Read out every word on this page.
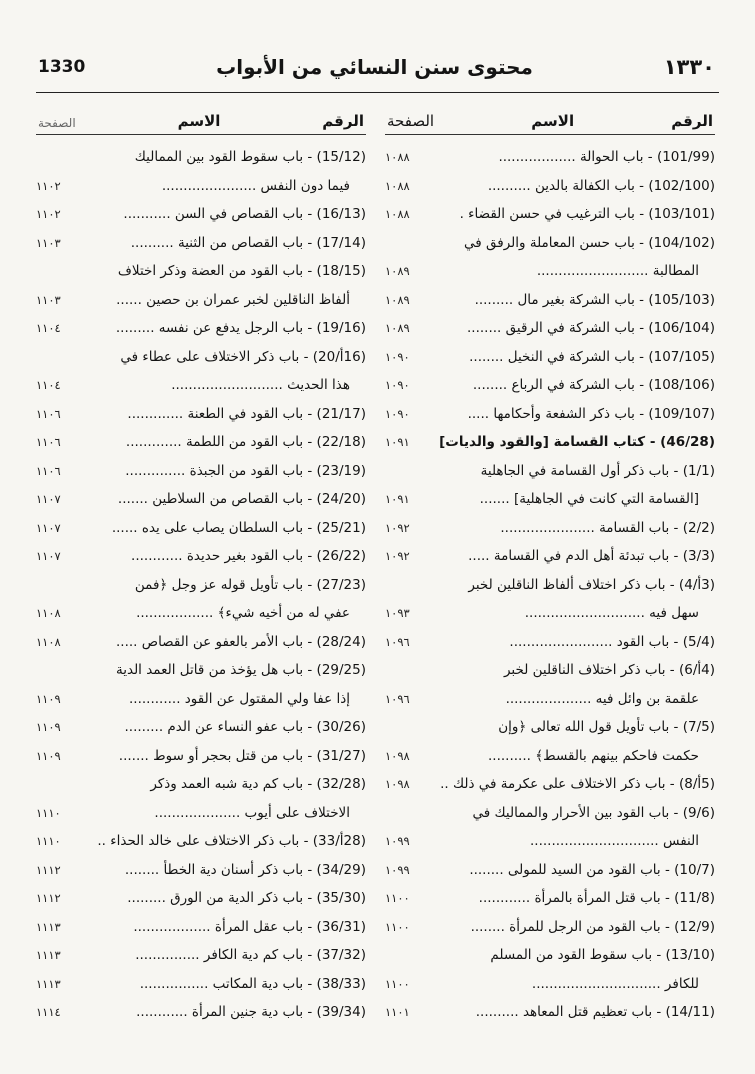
١٣٣٠
محتوى سنن النسائي من الأبواب
1330
الرقم
الاسم
الصفحة
(101/99) - باب الحوالة ..................
١٠٨٨
(102/100) - باب الكفالة بالدين ..........
١٠٨٨
(103/101) - باب الترغيب في حسن القضاء .
١٠٨٨
(104/102) - باب حسن المعاملة والرفق في
المطالبة ..........................
١٠٨٩
(105/103) - باب الشركة بغير مال .........
١٠٨٩
(106/104) - باب الشركة في الرقيق ........
١٠٨٩
(107/105) - باب الشركة في النخيل ........
١٠٩٠
(108/106) - باب الشركة في الرباع ........
١٠٩٠
(109/107) - باب ذكر الشفعة وأحكامها .....
١٠٩٠
(46/28) - كتاب القسامة [والقود والديات]
١٠٩١
(1/1) - باب ذكر أول القسامة في الجاهلية
[القسامة التي كانت في الجاهلية] .......
١٠٩١
(2/2) - باب القسامة ......................
١٠٩٢
(3/3) - باب تبدئة أهل الدم في القسامة .....
١٠٩٢
(3أ/4) - باب ذكر اختلاف ألفاظ الناقلين لخبر
سهل فيه ............................
١٠٩٣
(5/4) - باب القود ........................
١٠٩٦
(4أ/6) - باب ذكر اختلاف الناقلين لخبر
علقمة بن وائل فيه ....................
١٠٩٦
(7/5) - باب تأويل قول الله تعالى ﴿وإن
حكمت فاحكم بينهم بالقسط﴾ ..........
١٠٩٨
(5أ/8) - باب ذكر الاختلاف على عكرمة في ذلك ..
١٠٩٨
(9/6) - باب القود بين الأحرار والمماليك في
النفس ..............................
١٠٩٩
(10/7) - باب القود من السيد للمولى ........
١٠٩٩
(11/8) - باب قتل المرأة بالمرأة ............
١١٠٠
(12/9) - باب القود من الرجل للمرأة ........
١١٠٠
(13/10) - باب سقوط القود من المسلم
للكافر ..............................
١١٠٠
(14/11) - باب تعظيم قتل المعاهد ..........
١١٠١
الرقم
الاسم
الصفحة
(15/12) - باب سقوط القود بين المماليك
فيما دون النفس ......................
١١٠٢
(16/13) - باب القصاص في السن ...........
١١٠٢
(17/14) - باب القصاص من الثنية ..........
١١٠٣
(18/15) - باب القود من العضة وذكر اختلاف
ألفاظ الناقلين لخبر عمران بن حصين ......
١١٠٣
(19/16) - باب الرجل يدفع عن نفسه .........
١١٠٤
(16أ/20) - باب ذكر الاختلاف على عطاء في
هذا الحديث ..........................
١١٠٤
(21/17) - باب القود في الطعنة .............
١١٠٦
(22/18) - باب القود من اللطمة .............
١١٠٦
(23/19) - باب القود من الجبذة ..............
١١٠٦
(24/20) - باب القصاص من السلاطين .......
١١٠٧
(25/21) - باب السلطان يصاب على يده ......
١١٠٧
(26/22) - باب القود بغير حديدة ............
١١٠٧
(27/23) - باب تأويل قوله عز وجل ﴿فمن
عفي له من أخيه شيء﴾ ..................
١١٠٨
(28/24) - باب الأمر بالعفو عن القصاص .....
١١٠٨
(29/25) - باب هل يؤخذ من قاتل العمد الدية
إذا عفا ولي المقتول عن القود ............
١١٠٩
(30/26) - باب عفو النساء عن الدم .........
١١٠٩
(31/27) - باب من قتل بحجر أو سوط .......
١١٠٩
(32/28) - باب كم دية شبه العمد وذكر
الاختلاف على أيوب ....................
١١١٠
(28أ/33) - باب ذكر الاختلاف على خالد الحذاء ..
١١١٠
(34/29) - باب ذكر أسنان دية الخطأ ........
١١١٢
(35/30) - باب ذكر الدية من الورق .........
١١١٢
(36/31) - باب عقل المرأة ..................
١١١٣
(37/32) - باب كم دية الكافر ...............
١١١٣
(38/33) - باب دية المكاتب ................
١١١٣
(39/34) - باب دية جنين المرأة ............
١١١٤
